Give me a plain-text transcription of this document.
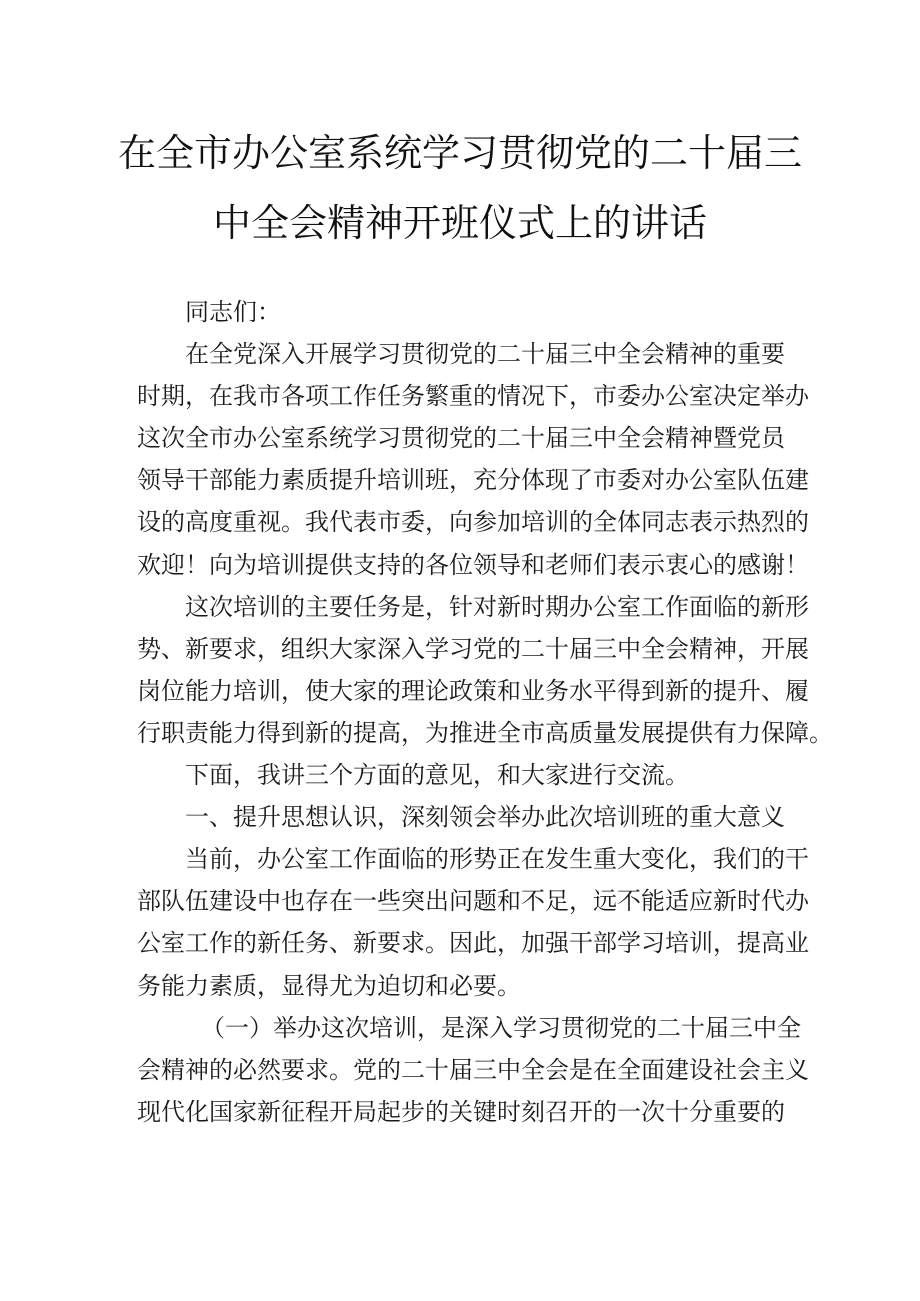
在全市办公室系统学习贯彻党的二十届三
中全会精神开班仪式上的讲话
同志们：
在全党深入开展学习贯彻党的二十届三中全会精神的重要
时期，在我市各项工作任务繁重的情况下，市委办公室决定举办
这次全市办公室系统学习贯彻党的二十届三中全会精神暨党员
领导干部能力素质提升培训班，充分体现了市委对办公室队伍建
设的高度重视。我代表市委，向参加培训的全体同志表示热烈的
欢迎！向为培训提供支持的各位领导和老师们表示衷心的感谢！
这次培训的主要任务是，针对新时期办公室工作面临的新形
势、新要求，组织大家深入学习党的二十届三中全会精神，开展
岗位能力培训，使大家的理论政策和业务水平得到新的提升、履
行职责能力得到新的提高，为推进全市高质量发展提供有力保障。
下面，我讲三个方面的意见，和大家进行交流。
一、提升思想认识，深刻领会举办此次培训班的重大意义
当前，办公室工作面临的形势正在发生重大变化，我们的干
部队伍建设中也存在一些突出问题和不足，远不能适应新时代办
公室工作的新任务、新要求。因此，加强干部学习培训，提高业
务能力素质，显得尤为迫切和必要。
（一）举办这次培训，是深入学习贯彻党的二十届三中全
会精神的必然要求。党的二十届三中全会是在全面建设社会主义
现代化国家新征程开局起步的关键时刻召开的一次十分重要的
